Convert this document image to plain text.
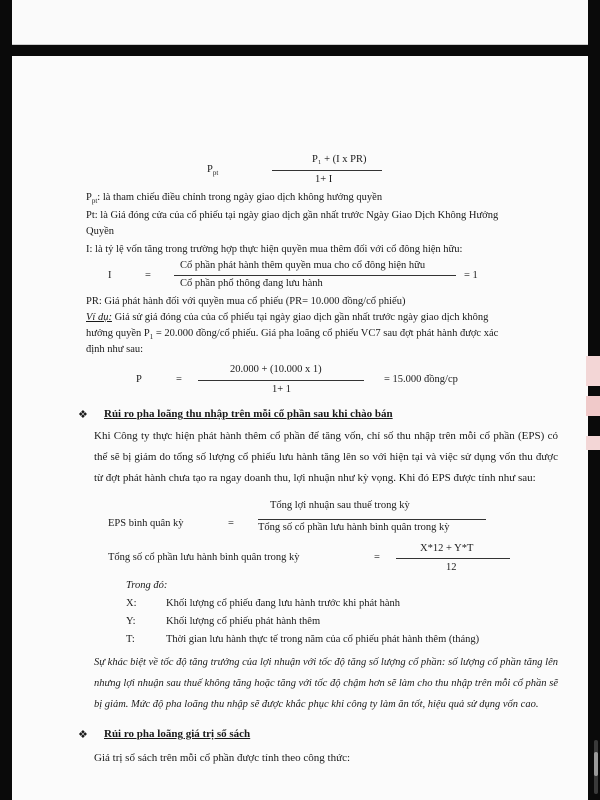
$P_{pt}$
P₁ + (I x PR)
1+ I
$P_{pt}$: là tham chiếu điều chỉnh trong ngày giao dịch không hưởng quyền
Pt: là Giá đóng cửa của cổ phiếu tại ngày giao dịch gần nhất trước Ngày Giao Dịch Không Hưởng
Quyền
I: là tỷ lệ vốn tăng trong trường hợp thực hiện quyền mua thêm đối với cổ đông hiện hữu:
I	=
Cổ phần phát hành thêm quyền mua cho cổ đông hiện hữu
Cổ phần phổ thông đang lưu hành
= 1
PR: Giá phát hành đối với quyền mua cổ phiếu (PR= 10.000 đồng/cổ phiếu)
Ví dụ: Giả sử giá đóng của của cổ phiếu tại ngày giao dịch gần nhất trước ngày giao dịch không
hưởng quyền $P_1 = 20.000$ đồng/cổ phiếu. Giá pha loãng cổ phiếu VC7 sau đợt phát hành được xác
định như sau:
P	=
20.000 + (10.000 x 1)
1+ 1
= 15.000 đồng/cp
❖ Rủi ro pha loãng thu nhập trên mỗi cổ phần sau khi chào bán
Khi Công ty thực hiện phát hành thêm cổ phần để tăng vốn, chỉ số thu nhập trên mỗi cổ phần (EPS) có thể sẽ bị giảm do tổng số lượng cổ phiếu lưu hành tăng lên so với hiện tại và việc sử dụng vốn thu được từ đợt phát hành chưa tạo ra ngay doanh thu, lợi nhuận như kỳ vọng. Khi đó EPS được tính như sau:
EPS bình quân kỳ	=
Tổng lợi nhuận sau thuế trong kỳ
Tổng số cổ phần lưu hành bình quân trong kỳ
Tổng số cổ phần lưu hành bình quân trong kỳ	=
X*12 + Y*T
12
Trong đó:
X:	Khối lượng cổ phiếu đang lưu hành trước khi phát hành
Y:	Khối lượng cổ phiếu phát hành thêm
T:	Thời gian lưu hành thực tế trong năm của cổ phiếu phát hành thêm (tháng)
Sự khác biệt về tốc độ tăng trưởng của lợi nhuận với tốc độ tăng số lượng cổ phần: số lượng cổ phần tăng lên nhưng lợi nhuận sau thuế không tăng hoặc tăng với tốc độ chậm hơn sẽ làm cho thu nhập trên mỗi cổ phần sẽ bị giảm. Mức độ pha loãng thu nhập sẽ được khắc phục khi công ty làm ăn tốt, hiệu quả sử dụng vốn cao.
❖ Rủi ro pha loãng giá trị sổ sách
Giá trị sổ sách trên mỗi cổ phần được tính theo công thức:
